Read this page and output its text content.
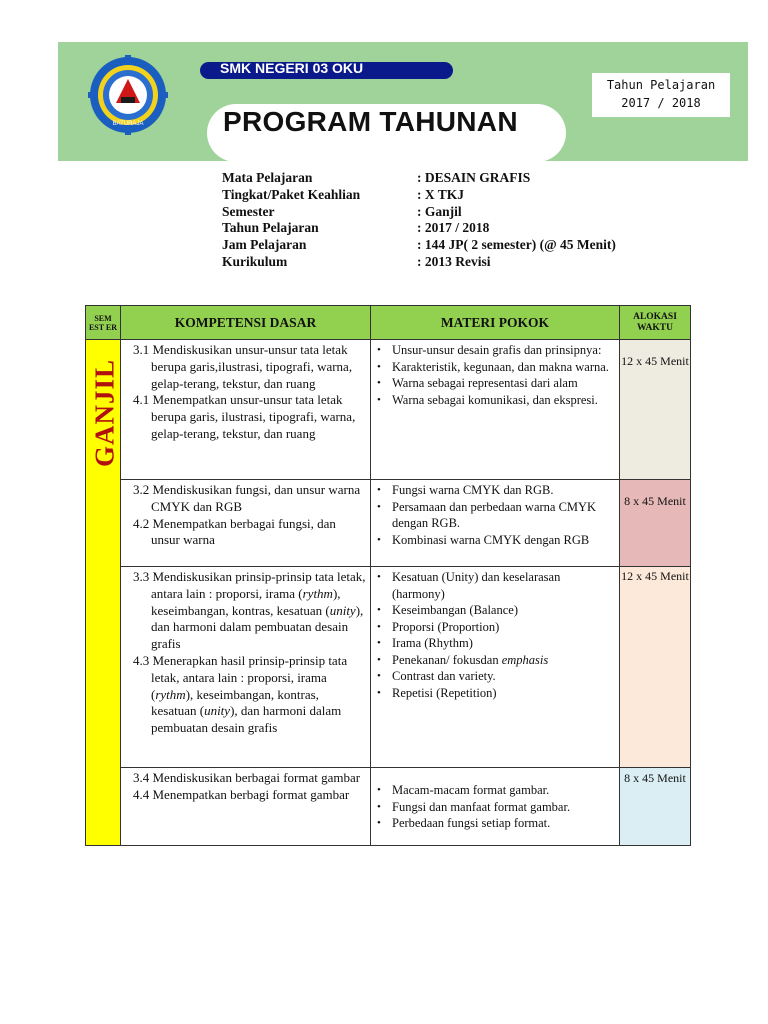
BATURAJA
SMK NEGERI 03 OKU
PROGRAM TAHUNAN
Tahun Pelajaran
2017 / 2018
Mata Pelajaran	: DESAIN GRAFIS
Tingkat/Paket Keahlian	: X TKJ
Semester	: Ganjil
Tahun Pelajaran	: 2017 / 2018
Jam Pelajaran	: 144 JP( 2 semester) (@ 45 Menit)
Kurikulum	: 2013 Revisi
SEM EST ER	KOMPETENSI DASAR	MATERI POKOK	ALOKASI WAKTU
GANJIL

3.1 Mendiskusikan unsur-unsur tata letak berupa garis,ilustrasi, tipografi, warna, gelap-terang, tekstur, dan ruang

4.1 Menempatkan unsur-unsur tata letak berupa garis, ilustrasi, tipografi, warna, gelap-terang, tekstur, dan ruang

• Unsur-unsur desain grafis dan prinsipnya:
• Karakteristik, kegunaan, dan makna warna.
• Warna sebagai representasi dari alam
• Warna sebagai komunikasi, dan ekspresi.
12 x 45 Menit

3.2 Mendiskusikan fungsi, dan unsur warna CMYK dan RGB

4.2 Menempatkan berbagai fungsi, dan unsur warna

• Fungsi warna CMYK dan RGB.
• Persamaan dan perbedaan warna CMYK dengan RGB.
• Kombinasi warna CMYK dengan RGB
8 x 45 Menit

3.3 Mendiskusikan prinsip-prinsip tata letak, antara lain : proporsi, irama (rythm), keseimbangan, kontras, kesatuan (unity), dan harmoni dalam pembuatan desain grafis

4.3 Menerapkan hasil prinsip-prinsip tata letak, antara lain : proporsi, irama (rythm), keseimbangan, kontras, kesatuan (unity), dan harmoni dalam pembuatan desain grafis

• Kesatuan (Unity) dan keselarasan (harmony)
• Keseimbangan (Balance)
• Proporsi (Proportion)
• Irama (Rhythm)
• Penekanan/ fokusdan emphasis
• Contrast dan variety.
• Repetisi (Repetition)
12 x 45 Menit

3.4 Mendiskusikan berbagai format gambar

4.4 Menempatkan berbagi format gambar

•	Macam-macam format gambar.
• Fungsi dan manfaat format gambar.
• Perbedaan fungsi setiap format.
8 x 45 Menit
